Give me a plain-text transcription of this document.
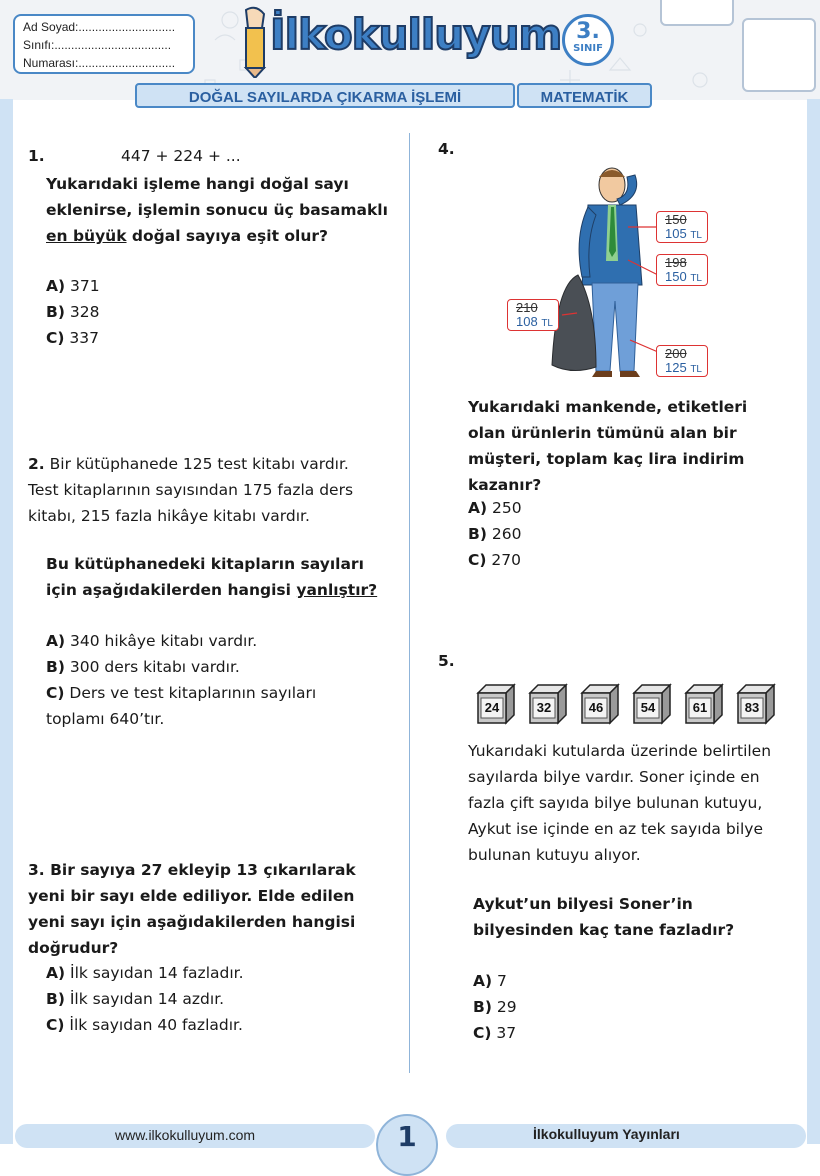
Ad Soyad:.............................
Sınıfı:...................................
Numarası:.............................
İlkokulluyum 3.
SINIF
DOĞAL SAYILARDA ÇIKARMA İŞLEMİ	MATEMATİK
1.	447 + 224 + ...
Yukarıdaki işleme hangi doğal sayı eklenirse, işlemin sonucu üç basamaklı en büyük doğal sayıya eşit olur?
A) 371
B) 328
C) 337
2. Bir kütüphanede 125 test kitabı vardır. Test kitaplarının sayısından 175 fazla ders kitabı, 215 fazla hikâye kitabı vardır.
Bu kütüphanedeki kitapların sayıları için aşağıdakilerden hangisi yanlıştır?
A) 340 hikâye kitabı vardır.
B) 300 ders kitabı vardır.
C) Ders ve test kitaplarının sayıları toplamı 640’tır.
3. Bir sayıya 27 ekleyip 13 çıkarılarak yeni bir sayı elde ediliyor. Elde edilen yeni sayı için aşağıdakilerden hangisi doğrudur?
A) İlk sayıdan 14 fazladır.
B) İlk sayıdan 14 azdır.
C) İlk sayıdan 40 fazladır.
4.
150
105 TL
198
150 TL
210
108 TL
200
125 TL
Yukarıdaki mankende, etiketleri olan ürünlerin tümünü alan bir müşteri, toplam kaç lira indirim kazanır?
A) 250
B) 260
C) 270
5.
24	32	46	54	61	83
Yukarıdaki kutularda üzerinde belirtilen sayılarda bilye vardır. Soner içinde en fazla çift sayıda bilye bulunan kutuyu, Aykut ise içinde en az tek sayıda bilye bulunan kutuyu alıyor.
Aykut’un bilyesi Soner’in bilyesinden kaç tane fazladır?
A) 7
B) 29
C) 37
www.ilkokulluyum.com	İlkokulluyum Yayınları
1
